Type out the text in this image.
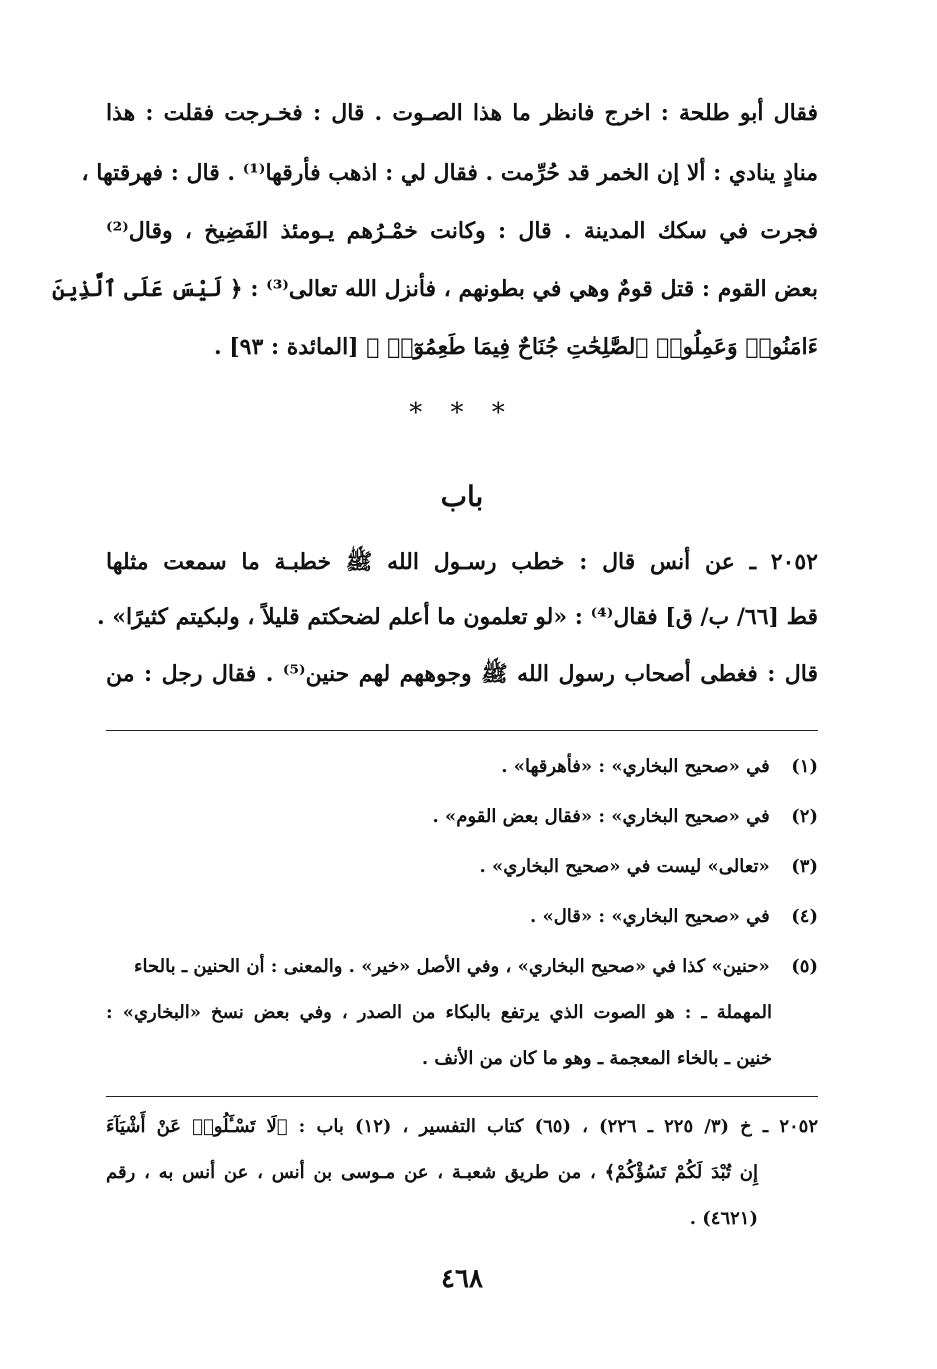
فقال أبو طلحة : اخرج فانظر ما هذا الصـوت . قال : فخـرجت فقلت : هذا
منادٍ ينادي : ألا إن الخمر قد حُرِّمت . فقال لي : اذهب فأرقها⁽¹⁾ . قال : فهرقتها ،
فجرت في سكك المدينة . قال : وكانت خمْـرُهم يـومئذ الفَضِيخ ، وقال⁽²⁾
بعض القوم : قتل قومٌ وهي في بطونهم ، فأنزل الله تعالى⁽³⁾ : ﴿ لَيْسَ عَلَى ٱلَّذِينَ
ءَامَنُوا۟ وَعَمِلُوا۟ ٱلصَّٰلِحَٰتِ جُنَاحٌ فِيمَا طَعِمُوٓا۟ ﴾ [المائدة : ٩٣] .
* * *
باب
٢٠٥٢ ـ عن أنس قال : خطب رسـول الله ﷺ خطبـة ما سمعت مثلها
قط [٦٦/ ب/ ق] فقال⁽⁴⁾ : «لو تعلمون ما أعلم لضحكتم قليلاً ، ولبكيتم كثيرًا» .
قال : فغطى أصحاب رسول الله ﷺ وجوههم لهم حنين⁽⁵⁾ . فقال رجل : من
(١) في «صحيح البخاري» : «فأهرقها» .
(٢) في «صحيح البخاري» : «فقال بعض القوم» .
(٣) «تعالى» ليست في «صحيح البخاري» .
(٤) في «صحيح البخاري» : «قال» .
(٥) «حنين» كذا في «صحيح البخاري» ، وفي الأصل «خير» . والمعنى : أن الحنين ـ بالحاء
المهملة ـ : هو الصوت الذي يرتفع بالبكاء من الصدر ، وفي بعض نسخ «البخاري» :
خنين ـ بالخاء المعجمة ـ وهو ما كان من الأنف .
٢٠٥٢ ـ خ (٣/ ٢٢٥ ـ ٢٢٦) ، (٦٥) كتاب التفسير ، (١٢) باب : ﴿لَا تَسْـَٔلُوا۟ عَنْ أَشْيَآءَ
إِن تُبْدَ لَكُمْ تَسُؤْكُمْ﴾ ، من طريق شعبـة ، عن مـوسى بن أنس ، عن أنس به ، رقم
(٤٦٢١) .
٤٦٨
